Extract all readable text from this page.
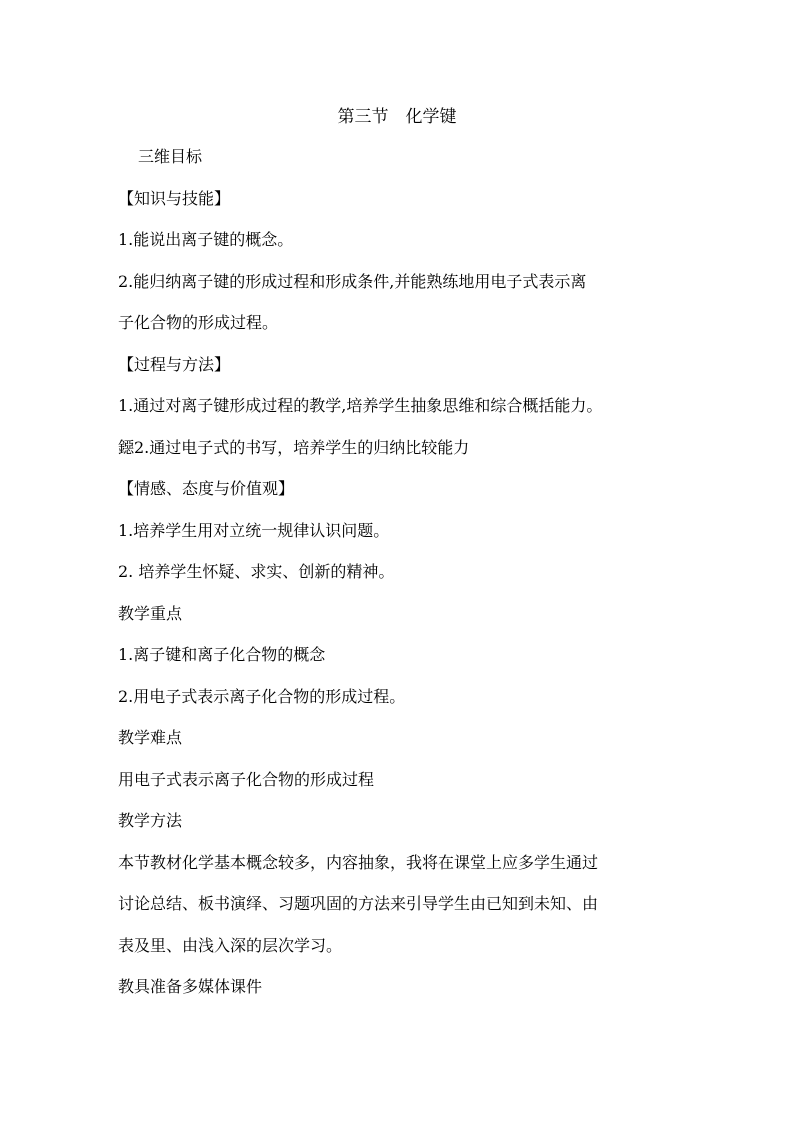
第三节　化学键
三维目标
【知识与技能】
1.能说出离子键的概念。
2.能归纳离子键的形成过程和形成条件,并能熟练地用电子式表示离
子化合物的形成过程。
【过程与方法】
1.通过对离子键形成过程的教学,培养学生抽象思维和综合概括能力。
鐚2.通过电子式的书写，培养学生的归纳比较能力
【情感、态度与价值观】
1.培养学生用对立统一规律认识问题。
2. 培养学生怀疑、求实、创新的精神。
教学重点
1.离子键和离子化合物的概念
2.用电子式表示离子化合物的形成过程。
教学难点
用电子式表示离子化合物的形成过程
教学方法
本节教材化学基本概念较多，内容抽象，我将在课堂上应多学生通过
讨论总结、板书演绎、习题巩固的方法来引导学生由已知到未知、由
表及里、由浅入深的层次学习。
教具准备多媒体课件
